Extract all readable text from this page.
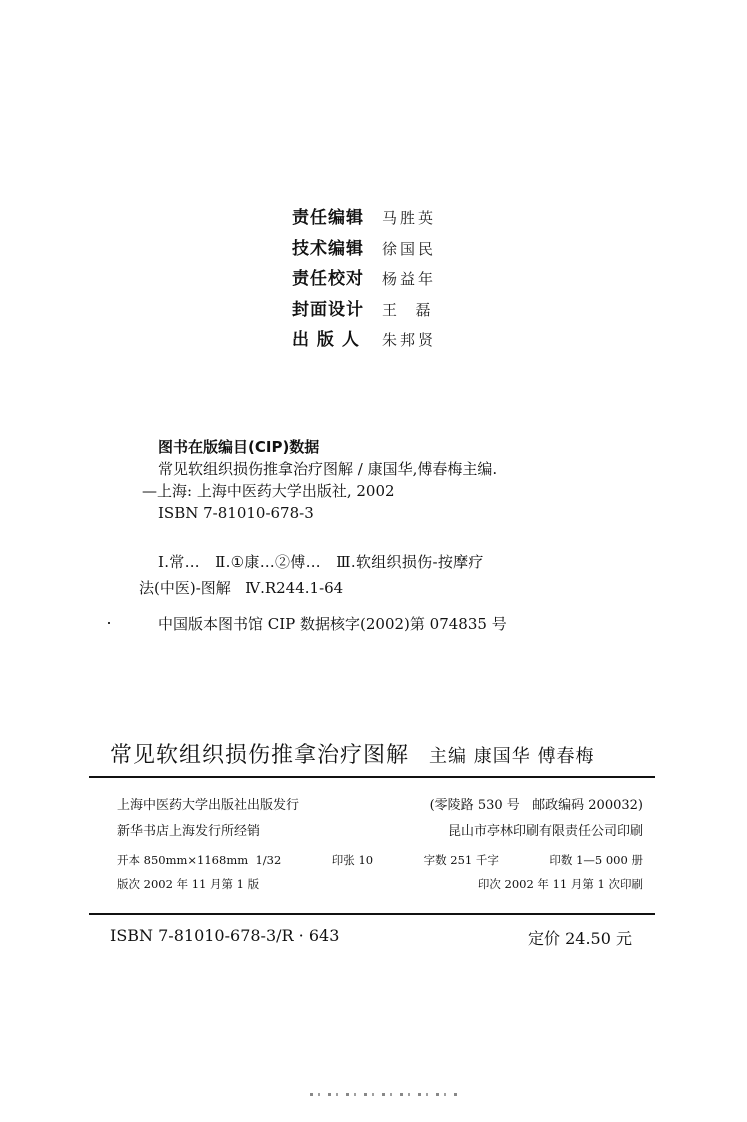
责任编辑	马胜英
技术编辑	徐国民
责任校对	杨益年
封面设计	王  磊
出 版 人	朱邦贤
图书在版编目(CIP)数据
常见软组织损伤推拿治疗图解 / 康国华,傅春梅主编.
—上海: 上海中医药大学出版社, 2002
ISBN 7-81010-678-3
Ⅰ.常…   Ⅱ.①康…②傅…   Ⅲ.软组织损伤-按摩疗
法(中医)-图解   Ⅳ.R244.1-64
中国版本图书馆 CIP 数据核字(2002)第 074835 号
常见软组织损伤推拿治疗图解 主编 康国华 傅春梅
上海中医药大学出版社出版发行	(零陵路 530 号   邮政编码 200032)
新华书店上海发行所经销	昆山市亭林印刷有限责任公司印刷
开本 850mm×1168mm  1/32	印张 10	字数 251 千字	印数 1—5 000 册
版次 2002 年 11 月第 1 版	印次 2002 年 11 月第 1 次印刷
ISBN 7-81010-678-3/R · 643	定价 24.50 元
